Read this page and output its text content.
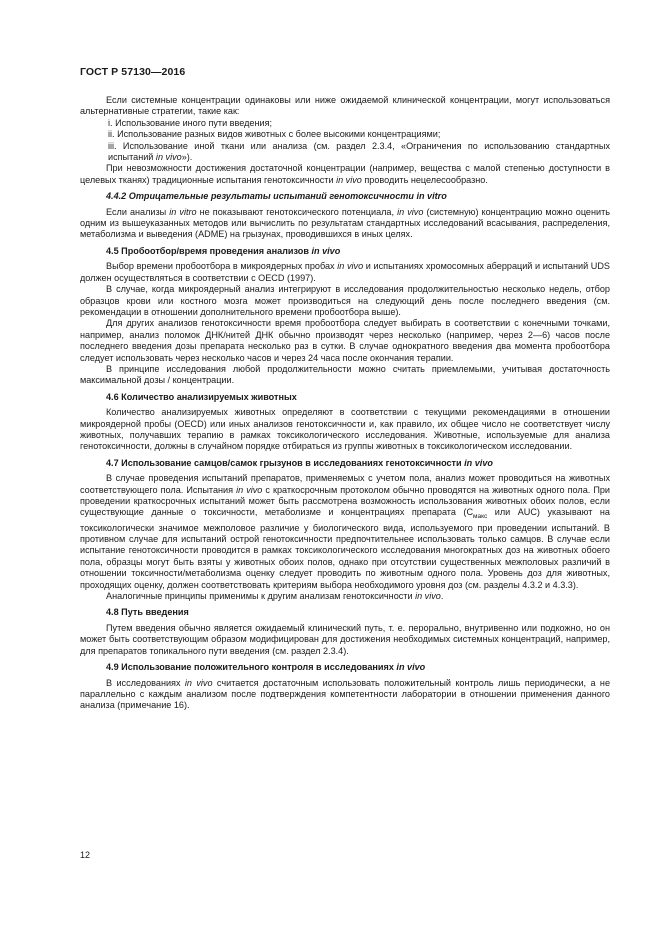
ГОСТ Р 57130—2016

Если системные концентрации одинаковы или ниже ожидаемой клинической концентрации, могут использоваться альтернативные стратегии, такие как:

i. Использование иного пути введения;

ii. Использование разных видов животных с более высокими концентрациями;

iii. Использование иной ткани или анализа (см. раздел 2.3.4, «Ограничения по использованию стандартных испытаний in vivo»).

При невозможности достижения достаточной концентрации (например, вещества с малой степенью доступности в целевых тканях) традиционные испытания генотоксичности in vivo проводить нецелесообразно.

4.4.2 Отрицательные результаты испытаний генотоксичности in vitro

Если анализы in vitro не показывают генотоксического потенциала, in vivo (системную) концентрацию можно оценить одним из вышеуказанных методов или вычислить по результатам стандартных исследований всасывания, распределения, метаболизма и выведения (ADME) на грызунах, проводившихся в иных целях.

4.5 Пробоотбор/время проведения анализов in vivo

Выбор времени пробоотбора в микроядерных пробах in vivo и испытаниях хромосомных аберраций и испытаний UDS должен осуществляться в соответствии с OECD (1997).

В случае, когда микроядерный анализ интегрируют в исследования продолжительностью несколько недель, отбор образцов крови или костного мозга может производиться на следующий день после последнего введения (см. рекомендации в отношении дополнительного времени пробоотбора выше).

Для других анализов генотоксичности время пробоотбора следует выбирать в соответствии с конечными точками, например, анализ поломок ДНК/нитей ДНК обычно производят через несколько (например, через 2—6) часов после последнего введения дозы препарата несколько раз в сутки. В случае однократного введения два момента пробоотбора следует использовать через несколько часов и через 24 часа после окончания терапии.

В принципе исследования любой продолжительности можно считать приемлемыми, учитывая достаточность максимальной дозы / концентрации.

4.6 Количество анализируемых животных

Количество анализируемых животных определяют в соответствии с текущими рекомендациями в отношении микроядерной пробы (OECD) или иных анализов генотоксичности и, как правило, их общее число не соответствует числу животных, получавших терапию в рамках токсикологического исследования. Животные, используемые для анализа генотоксичности, должны в случайном порядке отбираться из группы животных в токсикологическом исследовании.

4.7 Использование самцов/самок грызунов в исследованиях генотоксичности in vivo

В случае проведения испытаний препаратов, применяемых с учетом пола, анализ может проводиться на животных соответствующего пола. Испытания in vivo с краткосрочным протоколом обычно проводятся на животных одного пола. При проведении краткосрочных испытаний может быть рассмотрена возможность использования животных обоих полов, если существующие данные о токсичности, метаболизме и концентрациях препарата ($C_{макс}$ или AUC) указывают на токсикологически значимое межполовое различие у биологического вида, используемого при проведении испытаний. В противном случае для испытаний острой генотоксичности предпочтительнее использовать только самцов. В случае если испытание генотоксичности проводится в рамках токсикологического исследования многократных доз на животных обоего пола, образцы могут быть взяты у животных обоих полов, однако при отсутствии существенных межполовых различий в отношении токсичности/метаболизма оценку следует проводить по животным одного пола. Уровень доз для животных, проходящих оценку, должен соответствовать критериям выбора необходимого уровня доз (см. разделы 4.3.2 и 4.3.3).

Аналогичные принципы применимы к другим анализам генотоксичности in vivo.

4.8 Путь введения

Путем введения обычно является ожидаемый клинический путь, т. е. перорально, внутривенно или подкожно, но он может быть соответствующим образом модифицирован для достижения необходимых системных концентраций, например, для препаратов топикального пути введения (см. раздел 2.3.4).

4.9 Использование положительного контроля в исследованиях in vivo

В исследованиях in vivo считается достаточным использовать положительный контроль лишь периодически, а не параллельно с каждым анализом после подтверждения компетентности лаборатории в отношении применения данного анализа (примечание 16).

12
